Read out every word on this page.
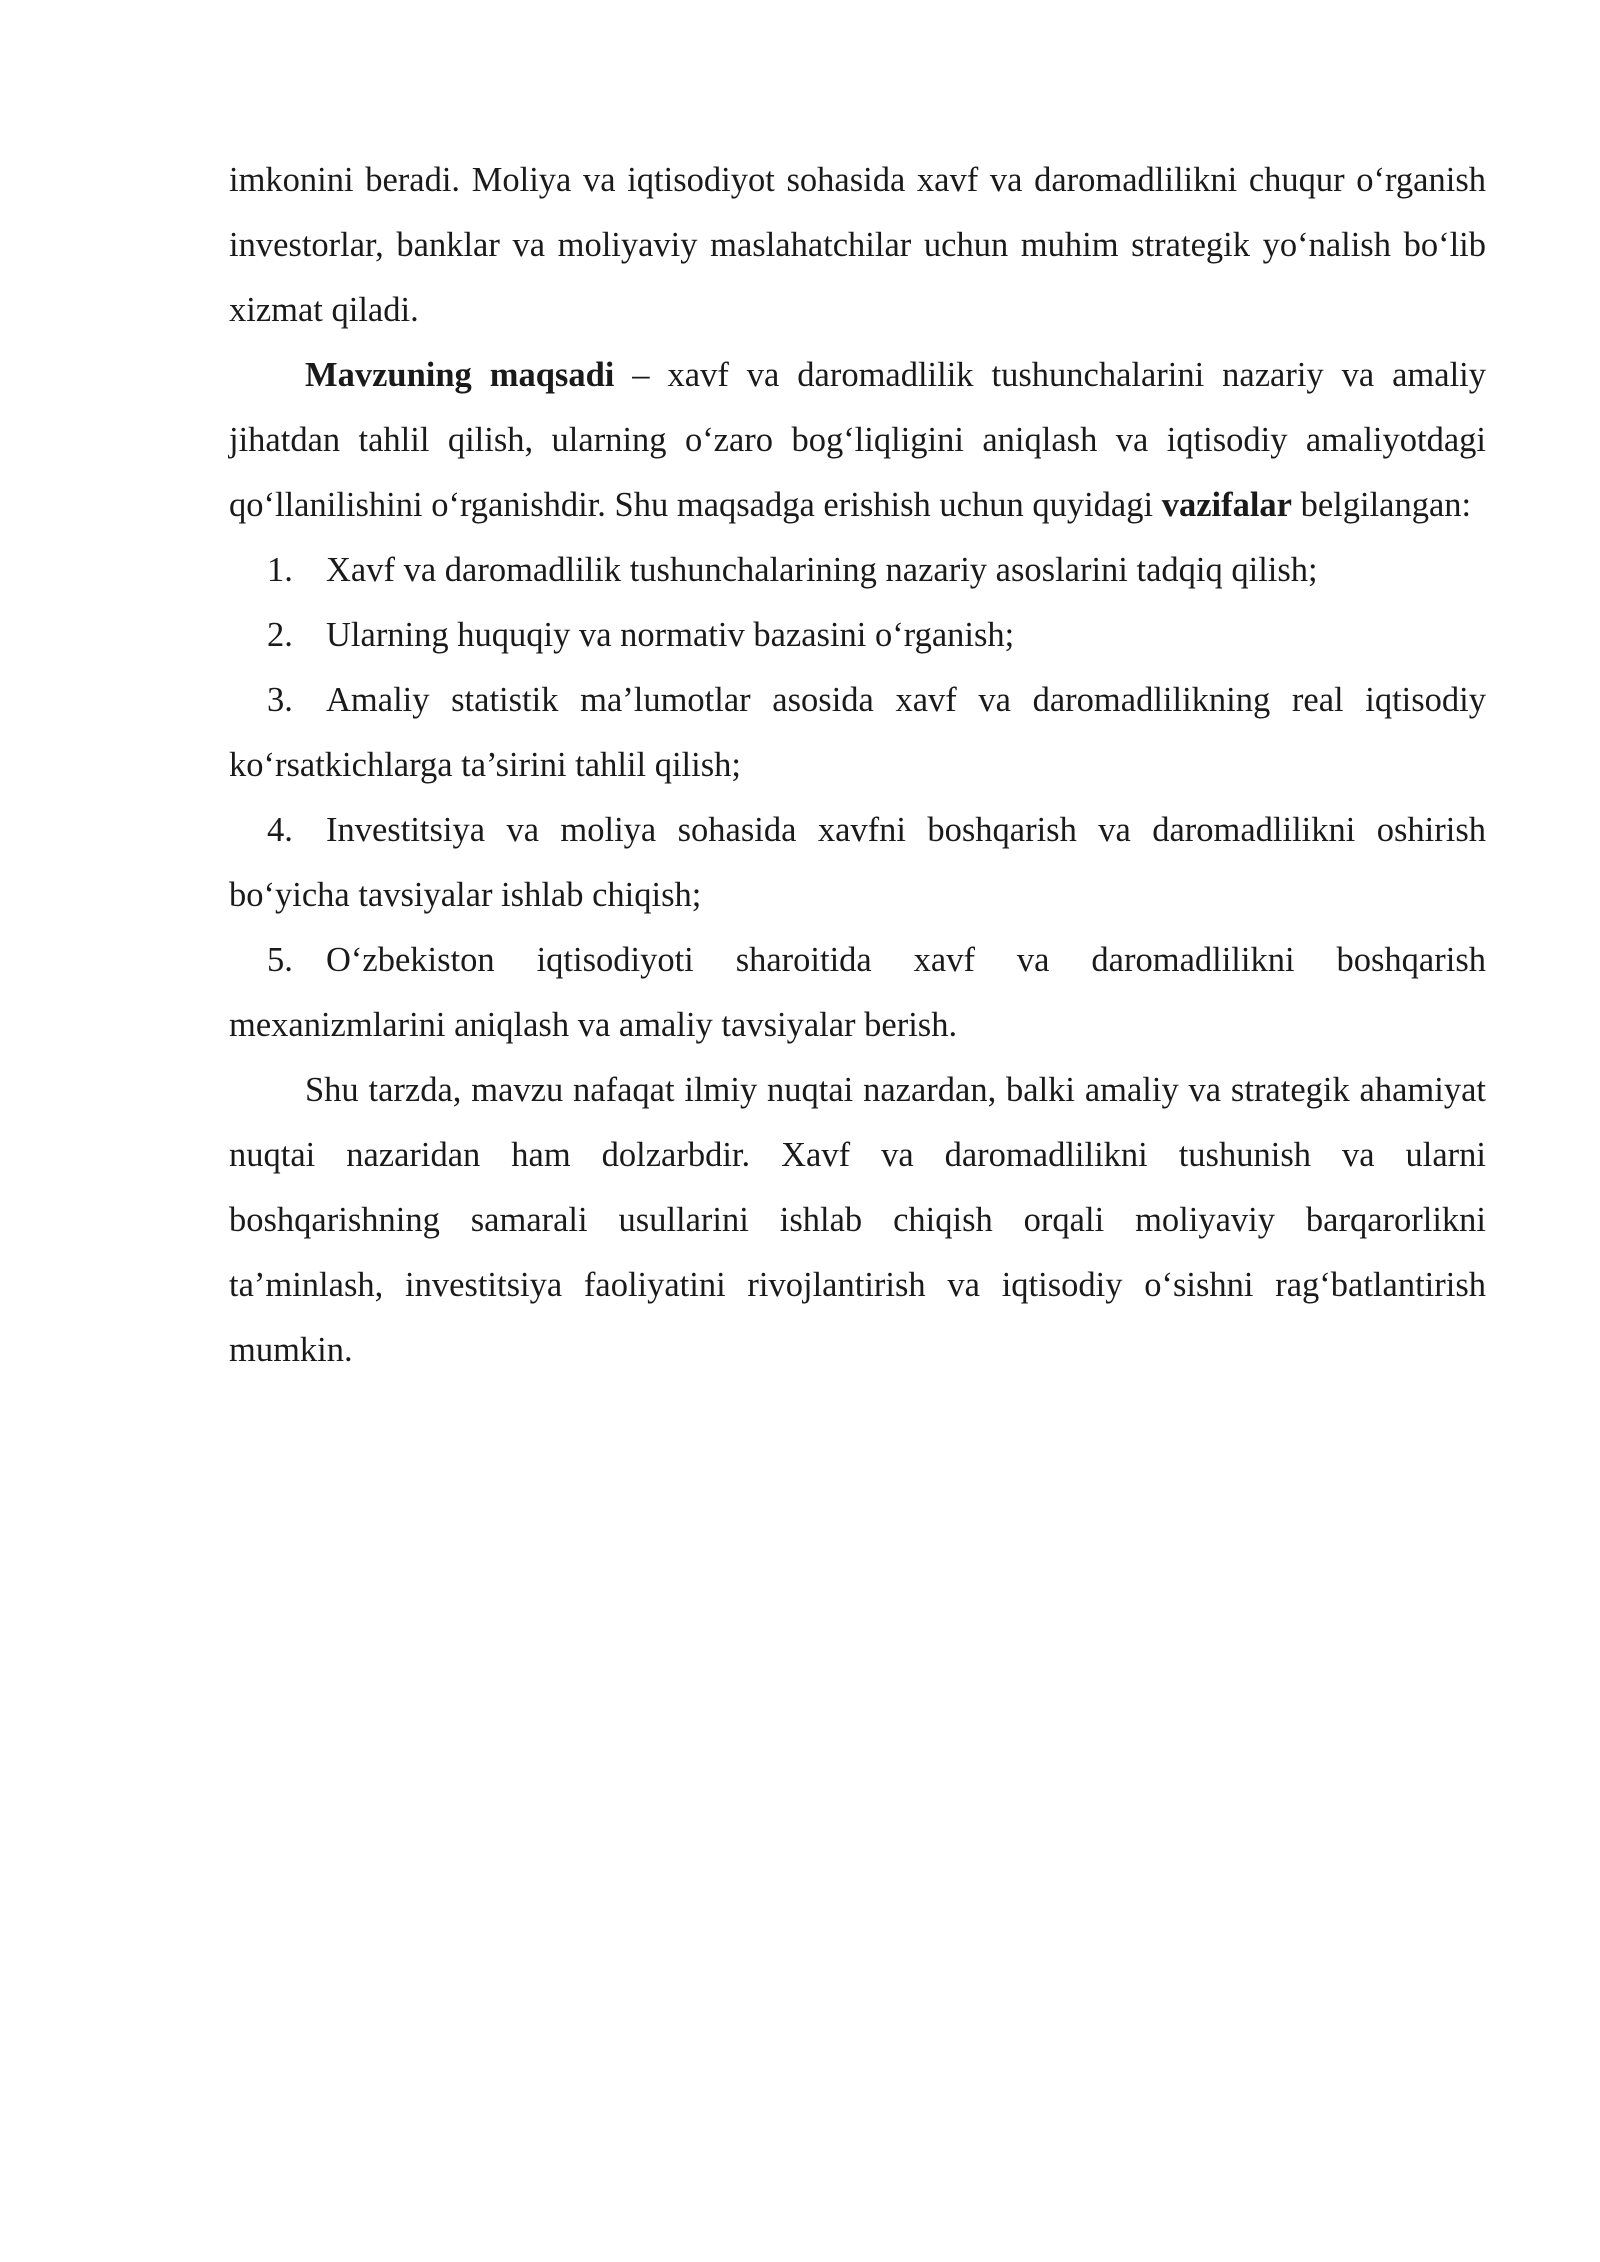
imkonini beradi. Moliya va iqtisodiyot sohasida xavf va daromadlilikni chuqur o‘rganish investorlar, banklar va moliyaviy maslahatchilar uchun muhim strategik yo‘nalish bo‘lib xizmat qiladi.

Mavzuning maqsadi – xavf va daromadlilik tushunchalarini nazariy va amaliy jihatdan tahlil qilish, ularning o‘zaro bog‘liqligini aniqlash va iqtisodiy amaliyotdagi qo‘llanilishini o‘rganishdir. Shu maqsadga erishish uchun quyidagi vazifalar belgilangan:

1. Xavf va daromadlilik tushunchalarining nazariy asoslarini tadqiq qilish;

2. Ularning huquqiy va normativ bazasini o‘rganish;

3. Amaliy statistik ma’lumotlar asosida xavf va daromadlilikning real iqtisodiy ko‘rsatkichlarga ta’sirini tahlil qilish;

4. Investitsiya va moliya sohasida xavfni boshqarish va daromadlilikni oshirish bo‘yicha tavsiyalar ishlab chiqish;

5. O‘zbekiston iqtisodiyoti sharoitida xavf va daromadlilikni boshqarish mexanizmlarini aniqlash va amaliy tavsiyalar berish.

Shu tarzda, mavzu nafaqat ilmiy nuqtai nazardan, balki amaliy va strategik ahamiyat nuqtai nazaridan ham dolzarbdir. Xavf va daromadlilikni tushunish va ularni boshqarishning samarali usullarini ishlab chiqish orqali moliyaviy barqarorlikni ta’minlash, investitsiya faoliyatini rivojlantirish va iqtisodiy o‘sishni rag‘batlantirish mumkin.
